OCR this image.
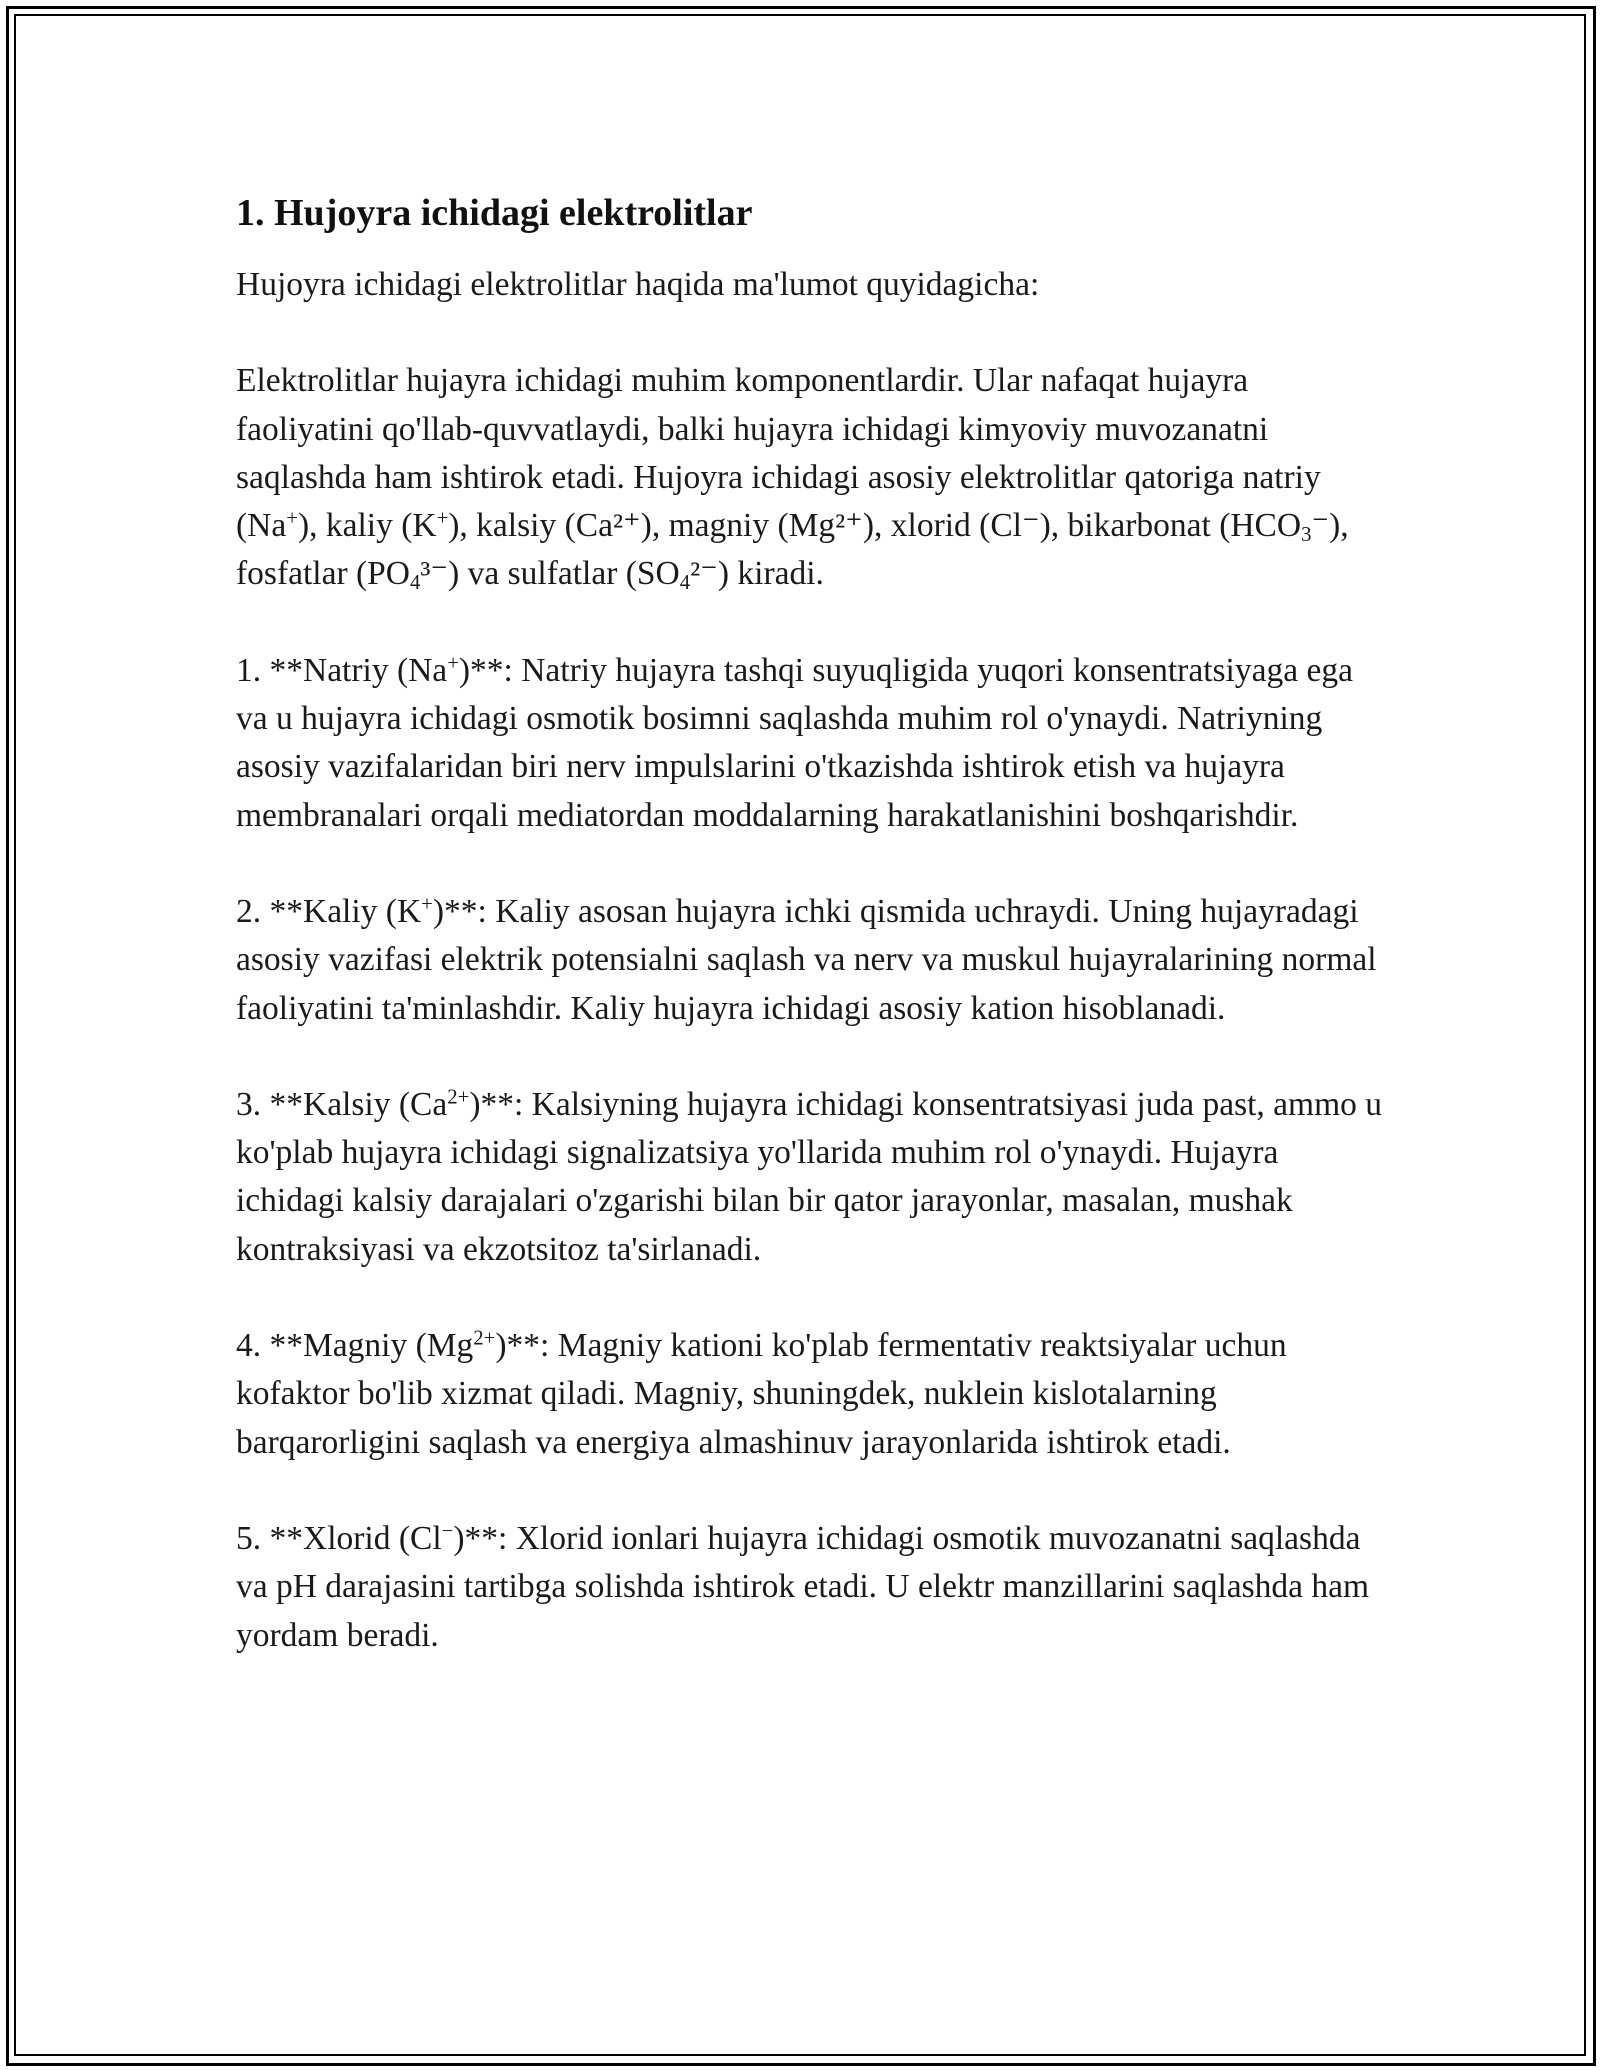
1. Hujoyra ichidagi elektrolitlar

Hujoyra ichidagi elektrolitlar haqida ma'lumot quyidagicha:

Elektrolitlar hujayra ichidagi muhim komponentlardir. Ular nafaqat hujayra faoliyatini qo'llab-quvvatlaydi, balki hujayra ichidagi kimyoviy muvozanatni saqlashda ham ishtirok etadi. Hujoyra ichidagi asosiy elektrolitlar qatoriga natriy (Na+), kaliy (K+), kalsiy (Ca²⁺), magniy (Mg²⁺), xlorid (Cl⁻), bikarbonat $(HCO_3^-)$, fosfatlar $(PO_4^{3-})$ va sulfatlar $(SO_4^{2-})$ kiradi.

1. **Natriy (Na+)**: Natriy hujayra tashqi suyuqligida yuqori konsentratsiyaga ega va u hujayra ichidagi osmotik bosimni saqlashda muhim rol o'ynaydi. Natriyning asosiy vazifalaridan biri nerv impulslarini o'tkazishda ishtirok etish va hujayra membranalari orqali mediatordan moddalarning harakatlanishini boshqarishdir.

2. **Kaliy (K+)**: Kaliy asosan hujayra ichki qismida uchraydi. Uning hujayradagi asosiy vazifasi elektrik potensialni saqlash va nerv va muskul hujayralarining normal faoliyatini ta'minlashdir. Kaliy hujayra ichidagi asosiy kation hisoblanadi.

3. **Kalsiy $(Ca^{2+})**$: Kalsiyning hujayra ichidagi konsentratsiyasi juda past, ammo u ko'plab hujayra ichidagi signalizatsiya yo'llarida muhim rol o'ynaydi. Hujayra ichidagi kalsiy darajalari o'zgarishi bilan bir qator jarayonlar, masalan, mushak kontraksiyasi va ekzotsitoz ta'sirlanadi.

4. **Magniy $(Mg^{2+})**$: Magniy kationi ko'plab fermentativ reaktsiyalar uchun kofaktor bo'lib xizmat qiladi. Magniy, shuningdek, nuklein kislotalarning barqarorligini saqlash va energiya almashinuv jarayonlarida ishtirok etadi.

5. **Xlorid (Cl−)**: Xlorid ionlari hujayra ichidagi osmotik muvozanatni saqlashda va pH darajasini tartibga solishda ishtirok etadi. U elektr manzillarini saqlashda ham yordam beradi.
